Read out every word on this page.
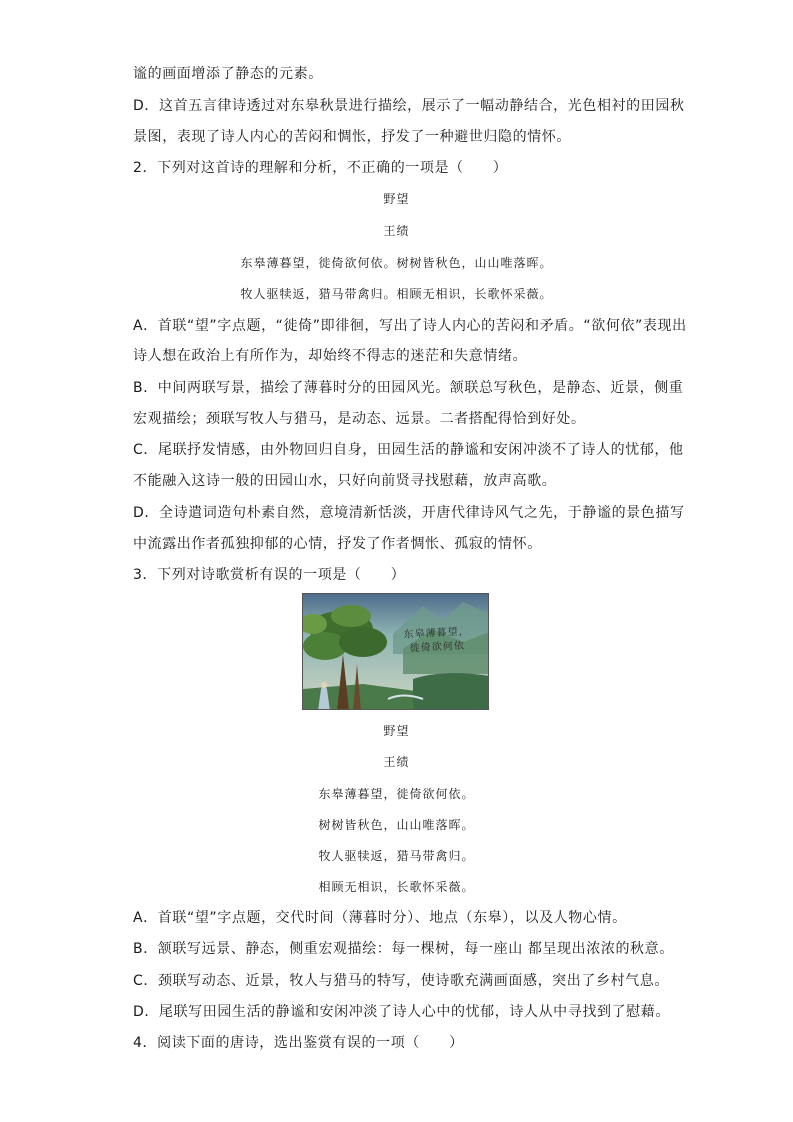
谧的画面增添了静态的元素。
D．这首五言律诗透过对东皋秋景进行描绘，展示了一幅动静结合，光色相衬的田园秋
景图，表现了诗人内心的苦闷和惆怅，抒发了一种避世归隐的情怀。
2．下列对这首诗的理解和分析，不正确的一项是（　　）
野望
王绩
东皋薄暮望，徙倚欲何依。树树皆秋色，山山唯落晖。
牧人驱犊返，猎马带禽归。相顾无相识，长歌怀采薇。
A．首联“望”字点题，“徙倚”即徘徊，写出了诗人内心的苦闷和矛盾。“欲何依”表现出
诗人想在政治上有所作为，却始终不得志的迷茫和失意情绪。
B．中间两联写景，描绘了薄暮时分的田园风光。颔联总写秋色，是静态、近景，侧重
宏观描绘；颈联写牧人与猎马，是动态、远景。二者搭配得恰到好处。
C．尾联抒发情感，由外物回归自身，田园生活的静谧和安闲冲淡不了诗人的忧郁，他
不能融入这诗一般的田园山水，只好向前贤寻找慰藉，放声高歌。
D．全诗遣词造句朴素自然，意境清新恬淡，开唐代律诗风气之先，于静谧的景色描写
中流露出作者孤独抑郁的心情，抒发了作者惆怅、孤寂的情怀。
3．下列对诗歌赏析有误的一项是（　　）
东皋薄暮望，
徙倚欲何依
野望
王绩
东皋薄暮望，徙倚欲何依。
树树皆秋色，山山唯落晖。
牧人驱犊返，猎马带禽归。
相顾无相识，长歌怀采薇。
A．首联“望”字点题，交代时间（薄暮时分）、地点（东皋），以及人物心情。
B．颔联写远景、静态，侧重宏观描绘：每一棵树，每一座山 都呈现出浓浓的秋意。
C．颈联写动态、近景，牧人与猎马的特写，使诗歌充满画面感，突出了乡村气息。
D．尾联写田园生活的静谧和安闲冲淡了诗人心中的忧郁，诗人从中寻找到了慰藉。
4．阅读下面的唐诗，选出鉴赏有误的一项（　　）
